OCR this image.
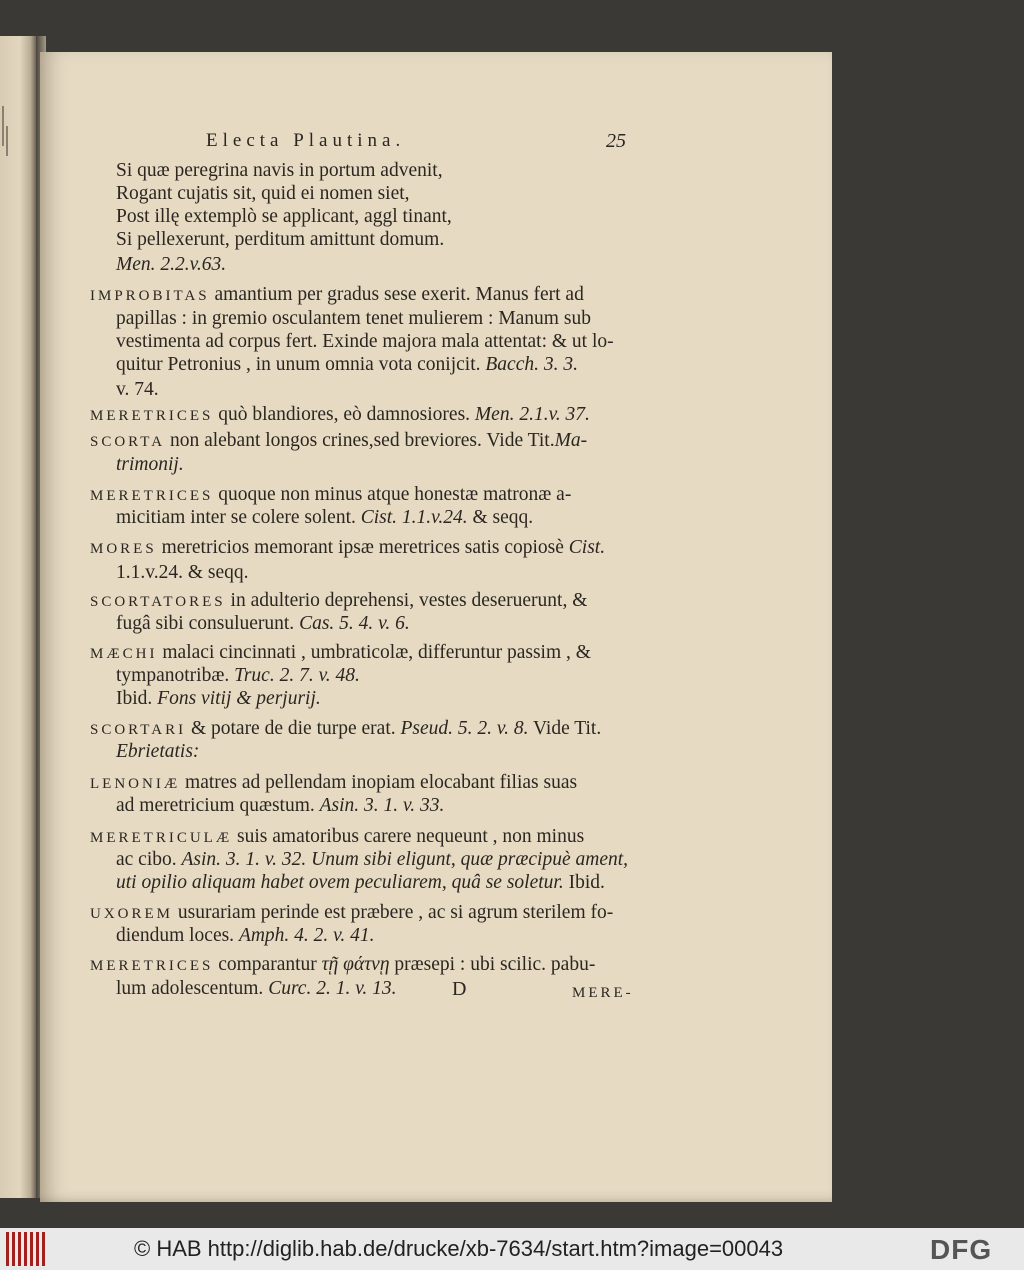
Electa Plautina.	25
Si quæ peregrina navis in portum advenit,
Rogant cujatis sit, quid ei nomen siet,
Post illę extemplò se applicant, aggl tinant,
Si pellexerunt, perditum amittunt domum.
Men. 2.2.v.63.
IMPROBITAS amantium per gradus sese exerit. Manus fert ad
papillas : in gremio osculantem tenet mulierem : Manum sub
vestimenta ad corpus fert. Exinde majora mala attentat: & ut lo-
quitur Petronius , in unum omnia vota conijcit. Bacch. 3. 3.
v. 74.
MERETRICES quò blandiores, eò damnosiores. Men. 2.1.v. 37.
SCORTA non alebant longos crines,sed breviores. Vide Tit.Ma-
trimonij.
MERETRICES quoque non minus atque honestæ matronæ a-
micitiam inter se colere solent. Cist. 1.1.v.24. & seqq.
MORES meretricios memorant ipsæ meretrices satis copiosè Cist.
1.1.v.24. & seqq.
SCORTATORES in adulterio deprehensi, vestes deseruerunt, &
fugâ sibi consuluerunt. Cas. 5. 4. v. 6.
MÆCHI malaci cincinnati , umbraticolæ, differuntur passim , &
tympanotribæ. Truc. 2. 7. v. 48.
Ibid. Fons vitij & perjurij.
SCORTARI & potare de die turpe erat. Pseud. 5. 2. v. 8. Vide Tit.
Ebrietatis:
LENONIÆ matres ad pellendam inopiam elocabant filias suas
ad meretricium quæstum. Asin. 3. 1. v. 33.
MERETRICULÆ suis amatoribus carere nequeunt , non minus
ac cibo. Asin. 3. 1. v. 32. Unum sibi eligunt, quæ præcipuè ament,
uti opilio aliquam habet ovem peculiarem, quâ se soletur. Ibid.
UXOREM usurariam perinde est præbere , ac si agrum sterilem fo-
diendum loces. Amph. 4. 2. v. 41.
MERETRICES comparantur τῇ φάτνῃ præsepi : ubi scilic. pabu-
lum adolescentum. Curc. 2. 1. v. 13.	D	MERE-
© HAB http://diglib.hab.de/drucke/xb-7634/start.htm?image=00043	DFG
